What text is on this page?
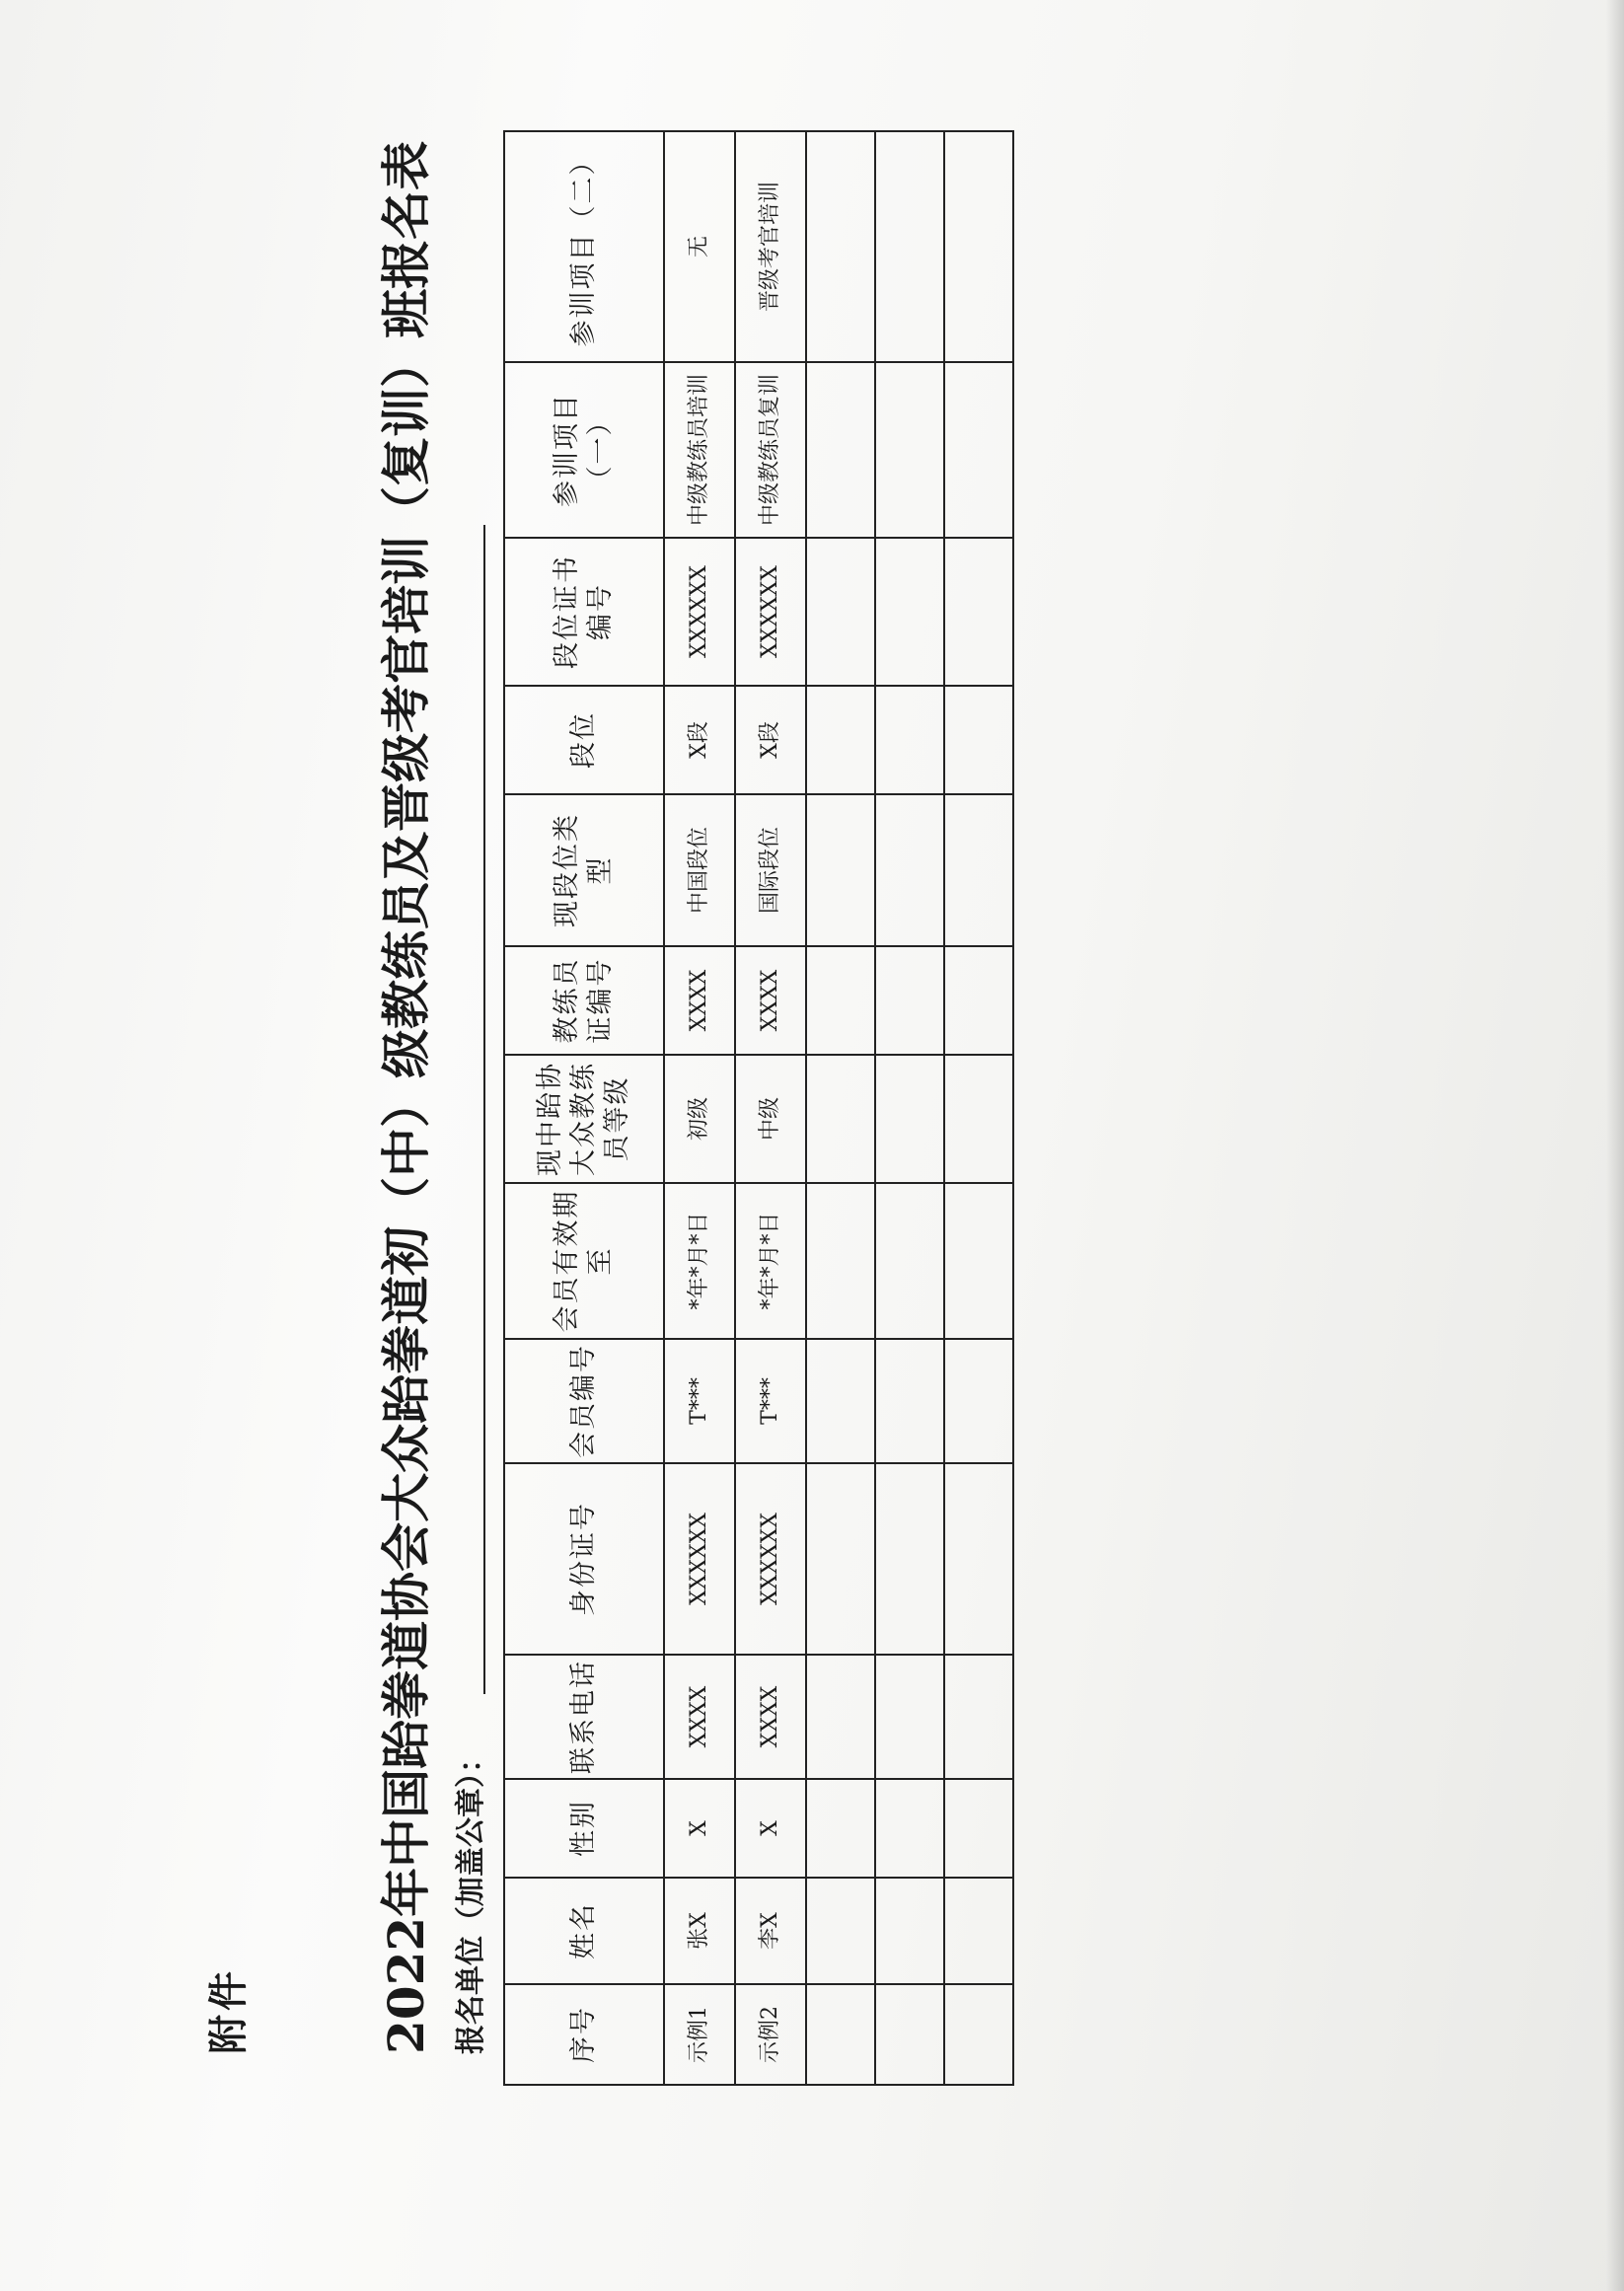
附件	2022年中国跆拳道协会大众跆拳道初（中）级教练员及晋级考官培训（复训）班报名表 报名单位（加盖公章）：	序号	姓名	性别	联系电话	身份证号	会员编号	会员有效期至	现中跆协大众教练员等级	教练员证编号	现段位类型	段位	段位证书编号	参训项目（一）	参训项目（二）
示例1	张X	X	XXXX	XXXXXX	T***	*年*月*日	初级	XXXX	中国段位	X段	XXXXXX	中级教练员培训	无
示例2	李X	X	XXXX	XXXXXX	T***	*年*月*日	中级	XXXX	国际段位	X段	XXXXXX	中级教练员复训	晋级考官培训
